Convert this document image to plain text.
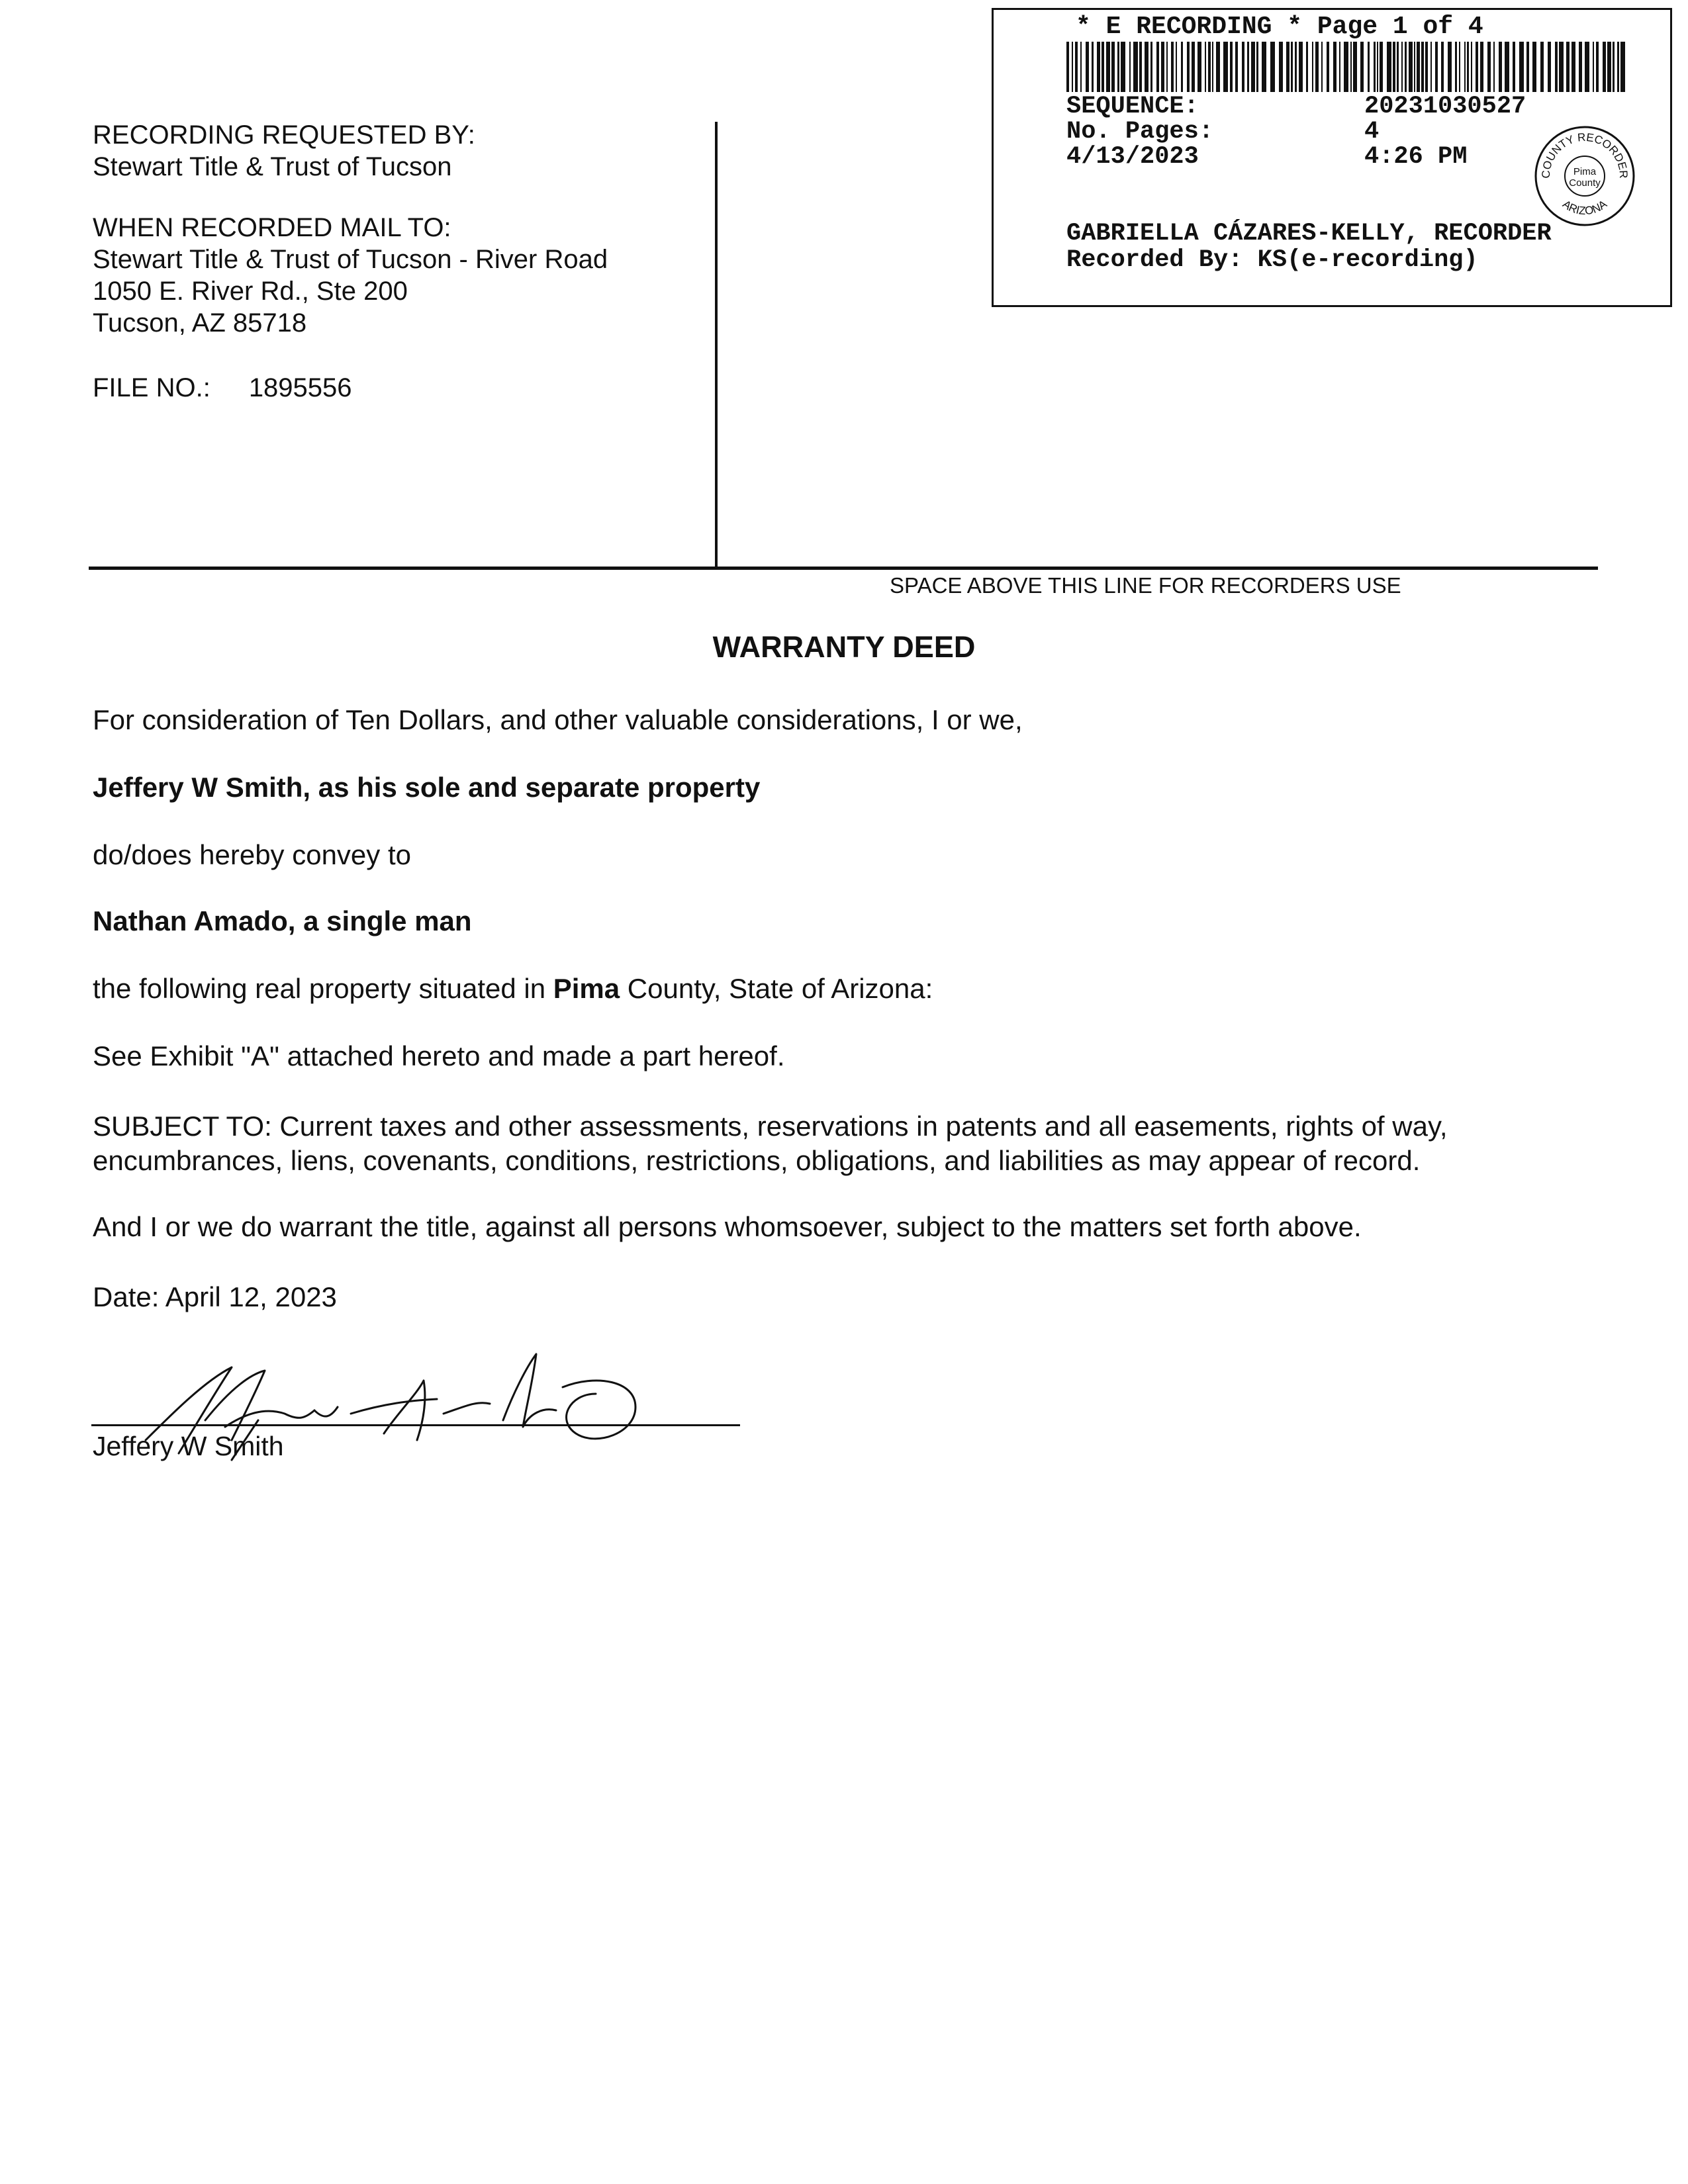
RECORDING REQUESTED BY:
Stewart Title & Trust of Tucson
WHEN RECORDED MAIL TO:
Stewart Title & Trust of Tucson - River Road
1050 E. River Rd., Ste 200
Tucson, AZ 85718
FILE NO.: 1895556
SPACE ABOVE THIS LINE FOR RECORDERS USE
* E RECORDING * Page 1 of 4
SEQUENCE:	20231030527
No. Pages:	4
4/13/2023	4:26 PM
COUNTY RECORDER
ARIZONA
Pima
County
GABRIELLA CÁZARES-KELLY, RECORDER
Recorded By: KS(e-recording)
WARRANTY DEED
For consideration of Ten Dollars, and other valuable considerations, I or we,
Jeffery W Smith, as his sole and separate property
do/does hereby convey to
Nathan Amado, a single man
the following real property situated in Pima County, State of Arizona:
See Exhibit "A" attached hereto and made a part hereof.
SUBJECT TO: Current taxes and other assessments, reservations in patents and all easements, rights of way,
encumbrances, liens, covenants, conditions, restrictions, obligations, and liabilities as may appear of record.
And I or we do warrant the title, against all persons whomsoever, subject to the matters set forth above.
Date: April 12, 2023
Jeffery W Smith
